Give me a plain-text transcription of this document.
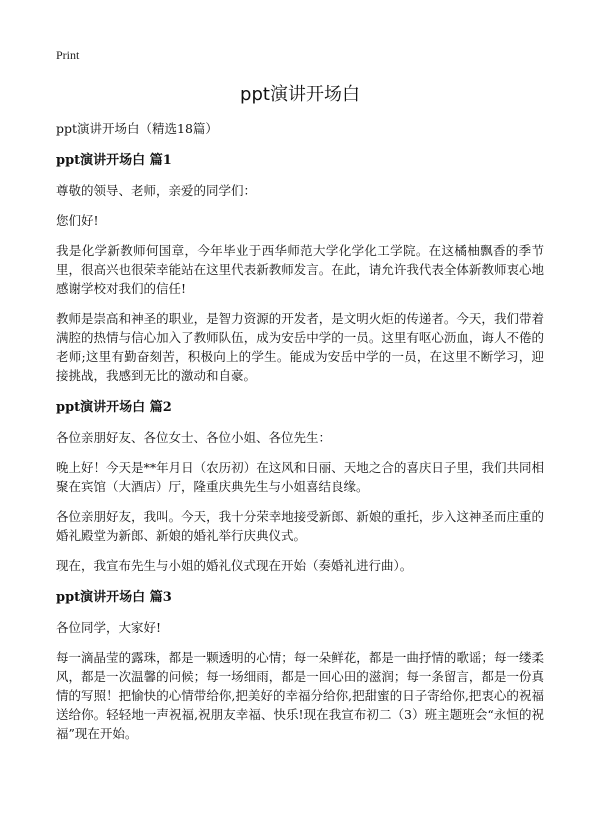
Print
ppt演讲开场白
ppt演讲开场白（精选18篇）
ppt演讲开场白 篇1

尊敬的领导、老师，亲爱的同学们：

您们好!

我是化学新教师何国章，今年毕业于西华师范大学化学化工学院。在这橘柚飘香的季节里，很高兴也很荣幸能站在这里代表新教师发言。在此，请允许我代表全体新教师衷心地感谢学校对我们的信任!

教师是崇高和神圣的职业，是智力资源的开发者，是文明火炬的传递者。今天，我们带着满腔的热情与信心加入了教师队伍，成为安岳中学的一员。这里有呕心沥血，诲人不倦的老师;这里有勤奋刻苦，积极向上的学生。能成为安岳中学的一员，在这里不断学习，迎接挑战，我感到无比的激动和自豪。

ppt演讲开场白 篇2

各位亲朋好友、各位女士、各位小姐、各位先生：

晚上好！今天是**年月日（农历初）在这风和日丽、天地之合的喜庆日子里，我们共同相聚在宾馆（大酒店）厅，隆重庆典先生与小姐喜结良缘。

各位亲朋好友，我叫。今天，我十分荣幸地接受新郎、新娘的重托，步入这神圣而庄重的婚礼殿堂为新郎、新娘的婚礼举行庆典仪式。

现在，我宣布先生与小姐的婚礼仪式现在开始（奏婚礼进行曲）。

ppt演讲开场白 篇3

各位同学，大家好!

每一滴晶莹的露珠，都是一颗透明的心情；每一朵鲜花，都是一曲抒情的歌谣；每一缕柔风，都是一次温馨的问候；每一场细雨，都是一回心田的滋润；每一条留言，都是一份真情的写照！把愉快的心情带给你,把美好的幸福分给你,把甜蜜的日子寄给你,把衷心的祝福送给你。轻轻地一声祝福,祝朋友幸福、快乐!现在我宣布初二（3）班主题班会“永恒的祝福”现在开始。
